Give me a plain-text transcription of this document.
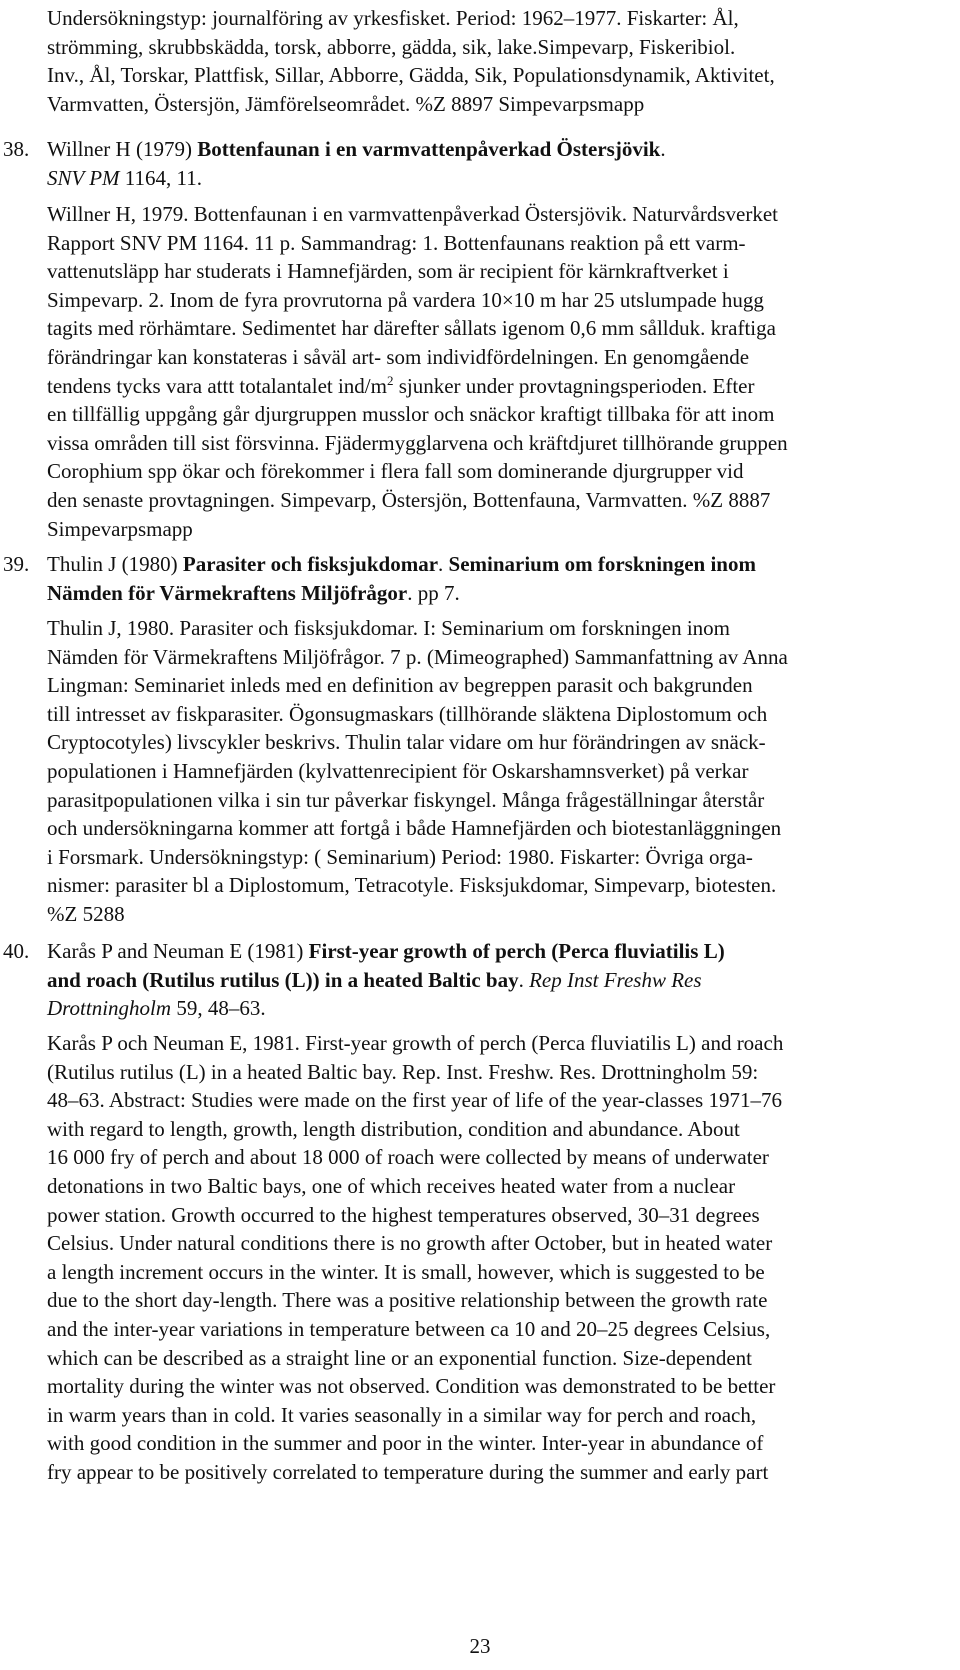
Undersökningstyp: journalföring av yrkesfisket. Period: 1962–1977. Fiskarter: Ål,
strömming, skrubbskädda, torsk, abborre, gädda, sik, lake.Simpevarp, Fiskeribiol.
Inv., Ål, Torskar, Plattfisk, Sillar, Abborre, Gädda, Sik, Populationsdynamik, Aktivitet,
Varmvatten, Östersjön, Jämförelseområdet. %Z 8897 Simpevarpsmapp
38. Willner H (1979) Bottenfaunan i en varmvattenpåverkad Östersjövik.
SNV PM 1164, 11.
Willner H, 1979. Bottenfaunan i en varmvattenpåverkad Östersjövik. Naturvårdsverket
Rapport SNV PM 1164. 11 p. Sammandrag: 1. Bottenfaunans reaktion på ett varm-
vattenutsläpp har studerats i Hamnefjärden, som är recipient för kärnkraftverket i
Simpevarp. 2. Inom de fyra provrutorna på vardera 10×10 m har 25 utslumpade hugg
tagits med rörhämtare. Sedimentet har därefter sållats igenom 0,6 mm sållduk. kraftiga
förändringar kan konstateras i såväl art- som individfördelningen. En genomgående
tendens tycks vara attt totalantalet ind/$m^2$ sjunker under provtagningsperioden. Efter
en tillfällig uppgång går djurgruppen musslor och snäckor kraftigt tillbaka för att inom
vissa områden till sist försvinna. Fjädermygglarvena och kräftdjuret tillhörande gruppen
Corophium spp ökar och förekommer i flera fall som dominerande djurgrupper vid
den senaste provtagningen. Simpevarp, Östersjön, Bottenfauna, Varmvatten. %Z 8887
Simpevarpsmapp
39. Thulin J (1980) Parasiter och fisksjukdomar. Seminarium om forskningen inom
Nämden för Värmekraftens Miljöfrågor. pp 7.
Thulin J, 1980. Parasiter och fisksjukdomar. I: Seminarium om forskningen inom
Nämden för Värmekraftens Miljöfrågor. 7 p. (Mimeographed) Sammanfattning av Anna
Lingman: Seminariet inleds med en definition av begreppen parasit och bakgrunden
till intresset av fiskparasiter. Ögonsugmaskars (tillhörande släktena Diplostomum och
Cryptocotyles) livscykler beskrivs. Thulin talar vidare om hur förändringen av snäck-
populationen i Hamnefjärden (kylvattenrecipient för Oskarshamnsverket) på verkar
parasitpopulationen vilka i sin tur påverkar fiskyngel. Många frågeställningar återstår
och undersökningarna kommer att fortgå i både Hamnefjärden och biotestanläggningen
i Forsmark. Undersökningstyp: ( Seminarium) Period: 1980. Fiskarter: Övriga orga-
nismer: parasiter bl a Diplostomum, Tetracotyle. Fisksjukdomar, Simpevarp, biotesten.
%Z 5288
40. Karås P and Neuman E (1981) First-year growth of perch (Perca fluviatilis L)
and roach (Rutilus rutilus (L)) in a heated Baltic bay. Rep Inst Freshw Res
Drottningholm 59, 48–63.
Karås P och Neuman E, 1981. First-year growth of perch (Perca fluviatilis L) and roach
(Rutilus rutilus (L) in a heated Baltic bay. Rep. Inst. Freshw. Res. Drottningholm 59:
48–63. Abstract: Studies were made on the first year of life of the year-classes 1971–76
with regard to length, growth, length distribution, condition and abundance. About
16 000 fry of perch and about 18 000 of roach were collected by means of underwater
detonations in two Baltic bays, one of which receives heated water from a nuclear
power station. Growth occurred to the highest temperatures observed, 30–31 degrees
Celsius. Under natural conditions there is no growth after October, but in heated water
a length increment occurs in the winter. It is small, however, which is suggested to be
due to the short day-length. There was a positive relationship between the growth rate
and the inter-year variations in temperature between ca 10 and 20–25 degrees Celsius,
which can be described as a straight line or an exponential function. Size-dependent
mortality during the winter was not observed. Condition was demonstrated to be better
in warm years than in cold. It varies seasonally in a similar way for perch and roach,
with good condition in the summer and poor in the winter. Inter-year in abundance of
fry appear to be positively correlated to temperature during the summer and early part
23
